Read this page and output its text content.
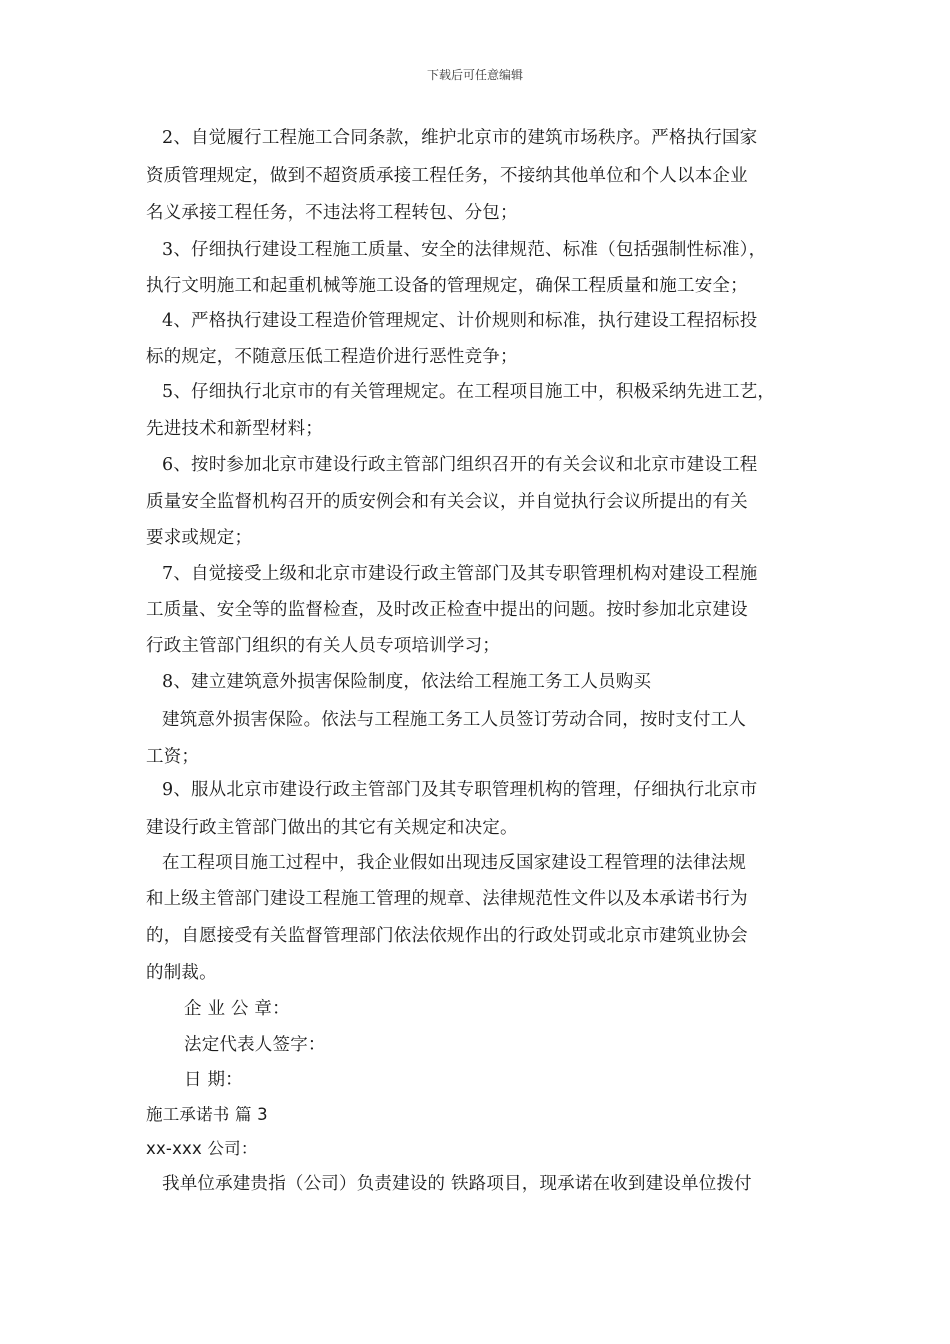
下载后可任意编辑
2、自觉履行工程施工合同条款，维护北京市的建筑市场秩序。严格执行国家
资质管理规定，做到不超资质承接工程任务，不接纳其他单位和个人以本企业
名义承接工程任务，不违法将工程转包、分包；
3、仔细执行建设工程施工质量、安全的法律规范、标准（包括强制性标准），
执行文明施工和起重机械等施工设备的管理规定，确保工程质量和施工安全；
4、严格执行建设工程造价管理规定、计价规则和标准，执行建设工程招标投
标的规定，不随意压低工程造价进行恶性竞争；
5、仔细执行北京市的有关管理规定。在工程项目施工中，积极采纳先进工艺，
先进技术和新型材料；
6、按时参加北京市建设行政主管部门组织召开的有关会议和北京市建设工程
质量安全监督机构召开的质安例会和有关会议，并自觉执行会议所提出的有关
要求或规定；
7、自觉接受上级和北京市建设行政主管部门及其专职管理机构对建设工程施
工质量、安全等的监督检查，及时改正检查中提出的问题。按时参加北京建设
行政主管部门组织的有关人员专项培训学习；
8、建立建筑意外损害保险制度，依法给工程施工务工人员购买
建筑意外损害保险。依法与工程施工务工人员签订劳动合同，按时支付工人
工资；
9、服从北京市建设行政主管部门及其专职管理机构的管理，仔细执行北京市
建设行政主管部门做出的其它有关规定和决定。
在工程项目施工过程中，我企业假如出现违反国家建设工程管理的法律法规
和上级主管部门建设工程施工管理的规章、法律规范性文件以及本承诺书行为
的，自愿接受有关监督管理部门依法依规作出的行政处罚或北京市建筑业协会
的制裁。
企 业 公 章：
法定代表人签字：
日 期：
施工承诺书 篇 3
xx-xxx 公司：
我单位承建贵指（公司）负责建设的 铁路项目，现承诺在收到建设单位拨付
